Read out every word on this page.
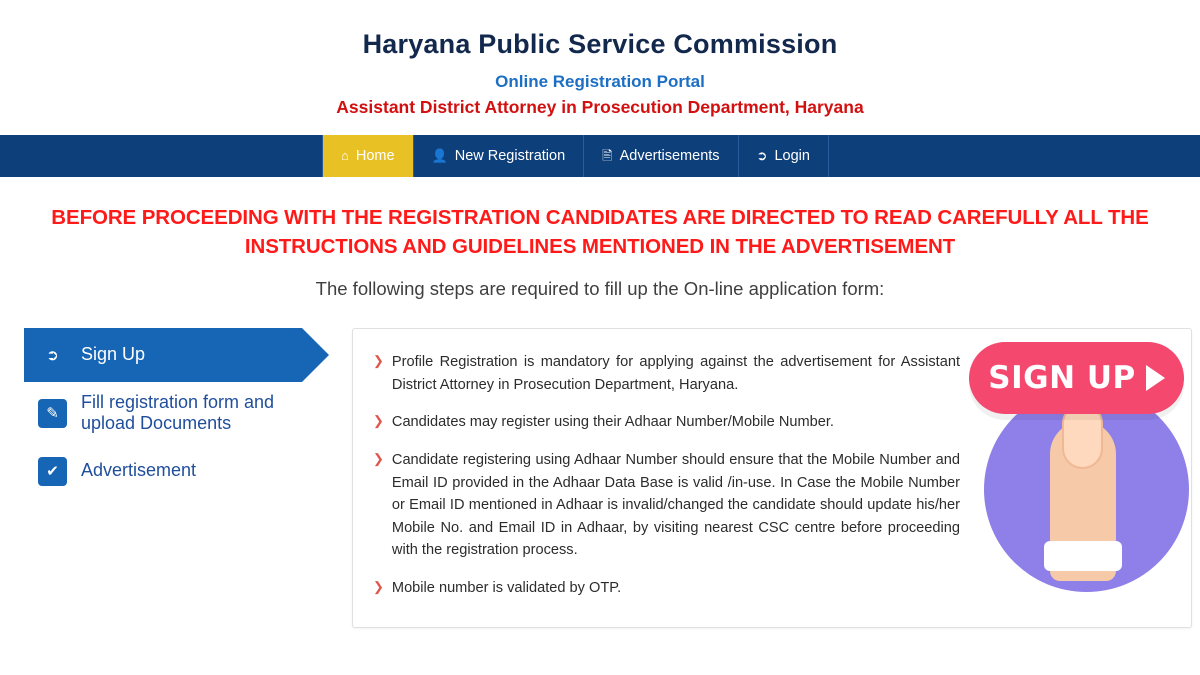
Haryana Public Service Commission
Online Registration Portal
Assistant District Attorney in Prosecution Department, Haryana
⌂ Home	👤 New Registration	🖹 Advertisements	➲ Login
BEFORE PROCEEDING WITH THE REGISTRATION CANDIDATES ARE DIRECTED TO READ CAREFULLY ALL THE INSTRUCTIONS AND GUIDELINES MENTIONED IN THE ADVERTISEMENT
The following steps are required to fill up the On-line application form:
➲	Sign Up
✎
Fill registration form and upload Documents
✔	Advertisement
❯ Profile Registration is mandatory for applying against the advertisement for Assistant District Attorney in Prosecution Department, Haryana.
❯ Candidates may register using their Adhaar Number/Mobile Number.
❯ Candidate registering using Adhaar Number should ensure that the Mobile Number and Email ID provided in the Adhaar Data Base is valid /in-use. In Case the Mobile Number or Email ID mentioned in Adhaar is invalid/changed the candidate should update his/her Mobile No. and Email ID in Adhaar, by visiting nearest CSC centre before proceeding with the registration process.
❯ Mobile number is validated by OTP.
SIGN UP
